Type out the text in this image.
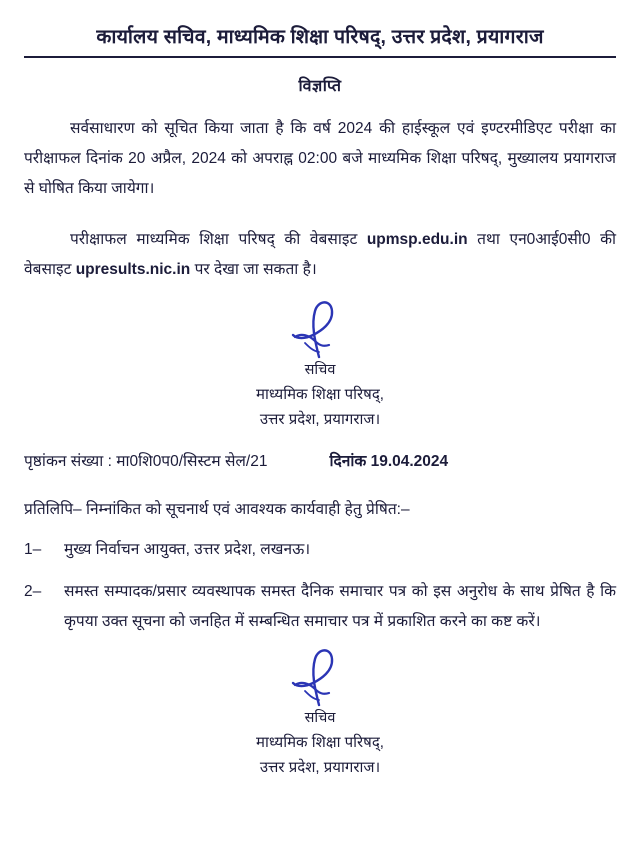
कार्यालय सचिव, माध्यमिक शिक्षा परिषद्, उत्तर प्रदेश, प्रयागराज
विज्ञप्ति

सर्वसाधारण को सूचित किया जाता है कि वर्ष 2024 की हाईस्कूल एवं इण्टरमीडिएट परीक्षा का परीक्षाफल दिनांक 20 अप्रैल, 2024 को अपराह्न 02:00 बजे माध्यमिक शिक्षा परिषद्, मुख्यालय प्रयागराज से घोषित किया जायेगा।

परीक्षाफल माध्यमिक शिक्षा परिषद् की वेबसाइट upmsp.edu.in तथा एन0आई0सी0 की वेबसाइट upresults.nic.in पर देखा जा सकता है।

सचिव
माध्यमिक शिक्षा परिषद्,
उत्तर प्रदेश, प्रयागराज।
पृष्ठांकन संख्या : मा0शि0प0/सिस्टम सेल/21	दिनांक 19.04.2024
प्रतिलिपि– निम्नांकित को सूचनार्थ एवं आवश्यक कार्यवाही हेतु प्रेषित:–
1–	मुख्य निर्वाचन आयुक्त, उत्तर प्रदेश, लखनऊ।
2–	समस्त सम्पादक/प्रसार व्यवस्थापक समस्त दैनिक समाचार पत्र को इस अनुरोध के साथ प्रेषित है कि कृपया उक्त सूचना को जनहित में सम्बन्धित समाचार पत्र में प्रकाशित करने का कष्ट करें।
सचिव
माध्यमिक शिक्षा परिषद्,
उत्तर प्रदेश, प्रयागराज।
